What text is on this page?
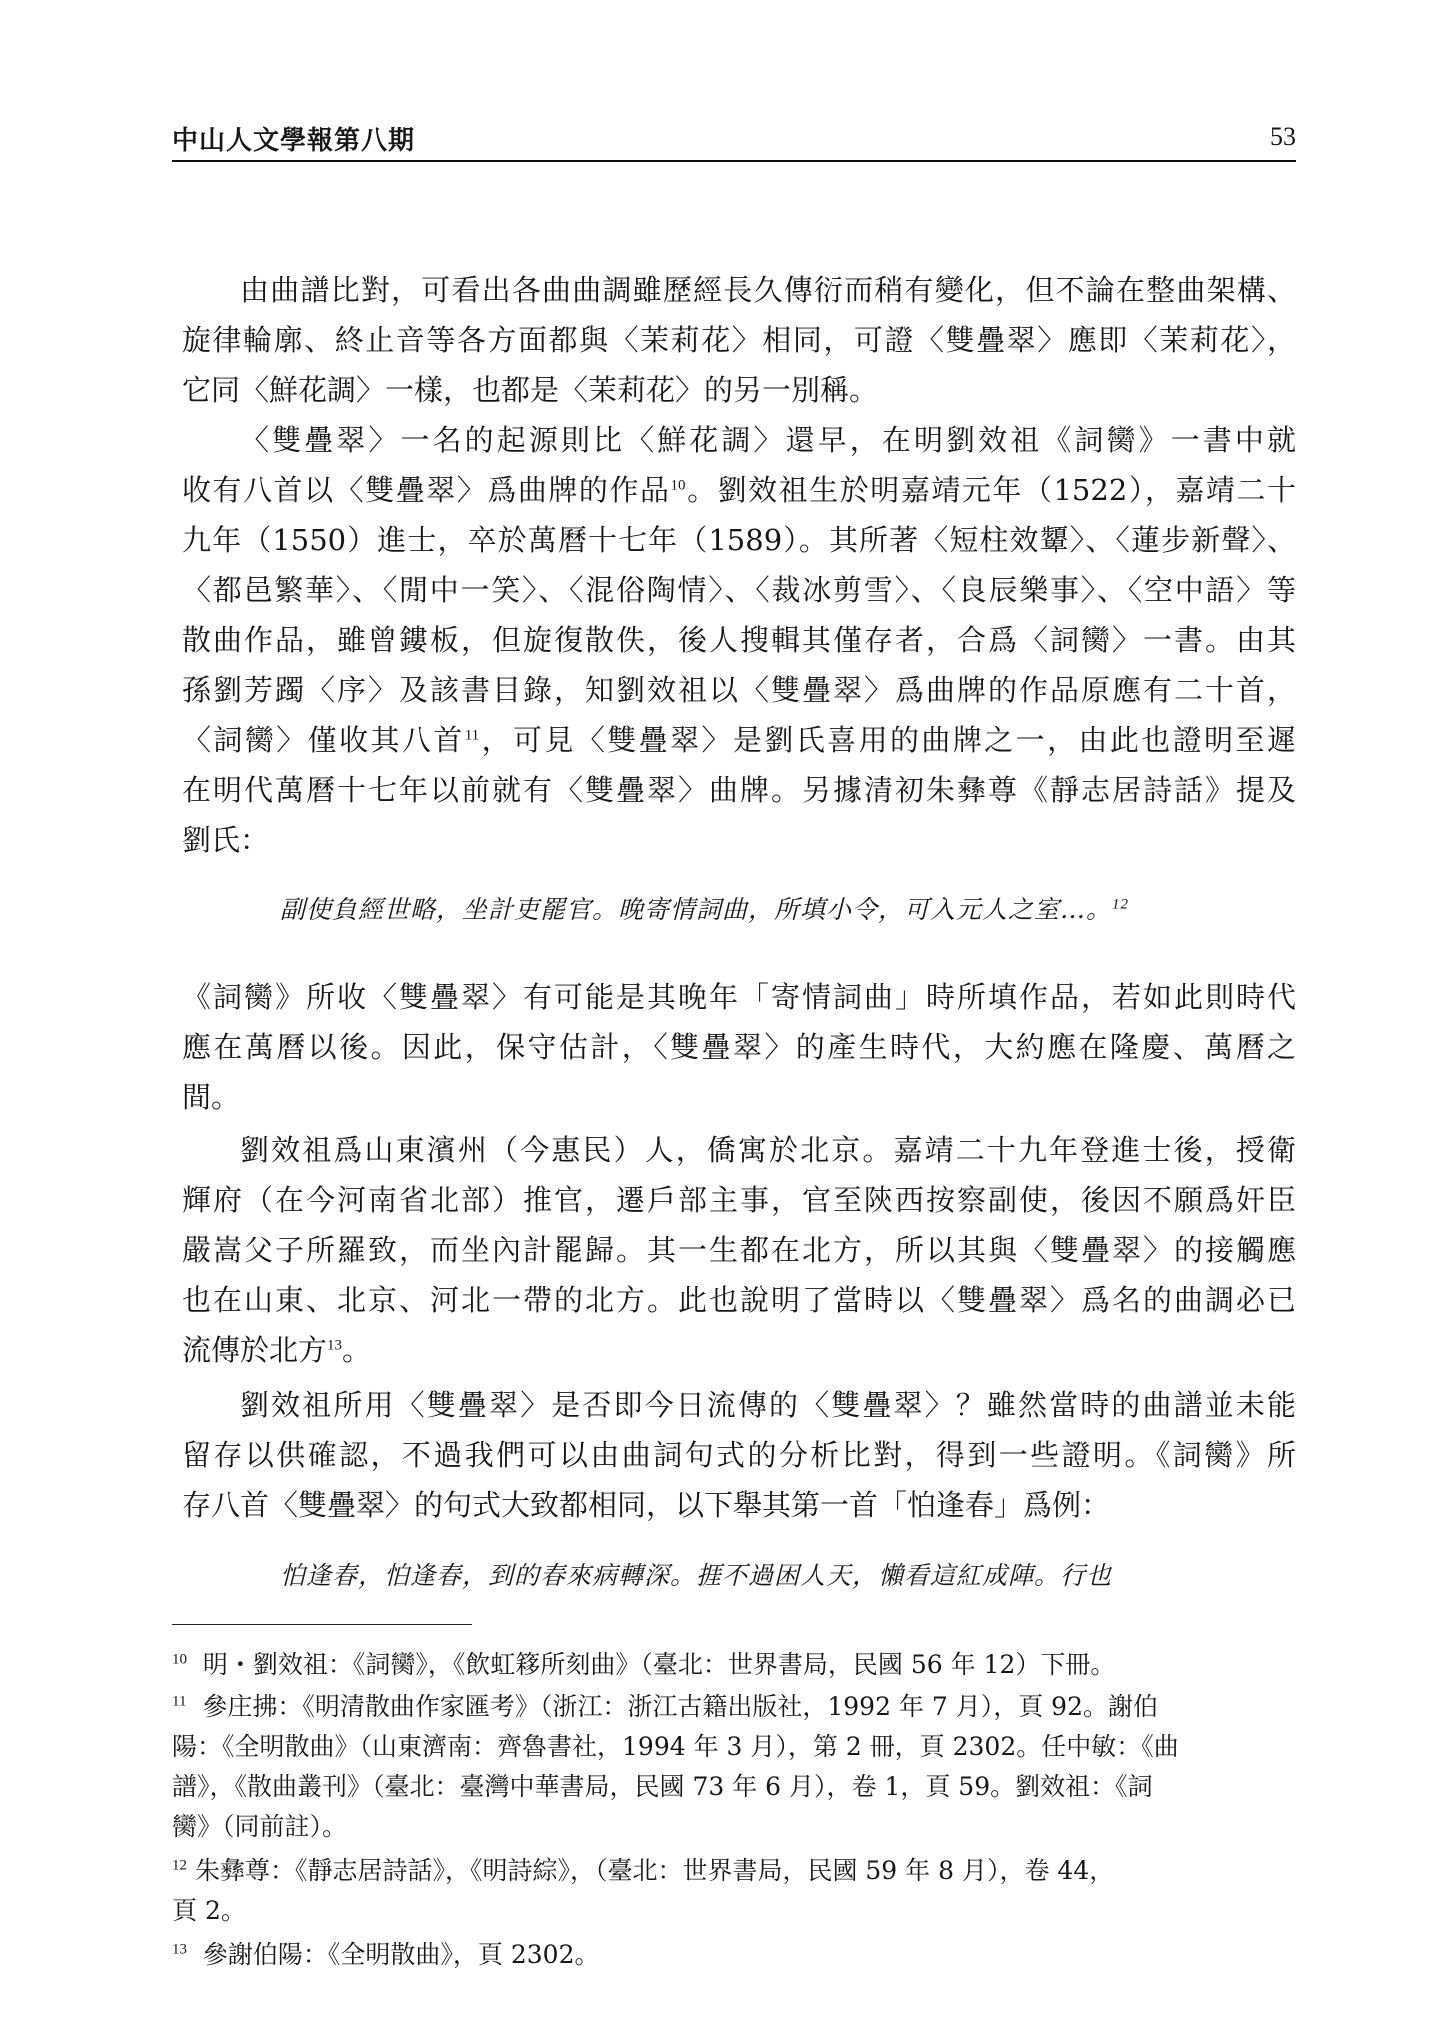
中山人文學報第八期	53
由曲譜比對，可看出各曲曲調雖歷經長久傳衍而稍有變化，但不論在整曲架構、
旋律輪廓、終止音等各方面都與〈茉莉花〉相同，可證〈雙疊翠〉應即〈茉莉花〉，
它同〈鮮花調〉一樣，也都是〈茉莉花〉的另一別稱。
〈雙疊翠〉一名的起源則比〈鮮花調〉還早，在明劉效祖《詞臠》一書中就
收有八首以〈雙疊翠〉爲曲牌的作品$^{10}$。劉效祖生於明嘉靖元年（1522），嘉靖二十
九年（1550）進士，卒於萬曆十七年（1589）。其所著〈短柱效顰〉、〈蓮步新聲〉、
〈都邑繁華〉、〈閒中一笑〉、〈混俗陶情〉、〈裁冰剪雪〉、〈良辰樂事〉、〈空中語〉等
散曲作品，雖曾鏤板，但旋復散佚，後人搜輯其僅存者，合爲〈詞臠〉一書。由其
孫劉芳躅〈序〉及該書目錄，知劉效祖以〈雙疊翠〉爲曲牌的作品原應有二十首，
〈詞臠〉僅收其八首$^{11}$，可見〈雙疊翠〉是劉氏喜用的曲牌之一，由此也證明至遲
在明代萬曆十七年以前就有〈雙疊翠〉曲牌。另據清初朱彝尊《靜志居詩話》提及
劉氏：
副使負經世略，坐計吏罷官。晚寄情詞曲，所填小令，可入元人之室…。$^{12}$
《詞臠》所收〈雙疊翠〉有可能是其晚年「寄情詞曲」時所填作品，若如此則時代
應在萬曆以後。因此，保守估計，〈雙疊翠〉的產生時代，大約應在隆慶、萬曆之
間。
劉效祖爲山東濱州（今惠民）人，僑寓於北京。嘉靖二十九年登進士後，授衛
輝府（在今河南省北部）推官，遷戶部主事，官至陝西按察副使，後因不願爲奸臣
嚴嵩父子所羅致，而坐內計罷歸。其一生都在北方，所以其與〈雙疊翠〉的接觸應
也在山東、北京、河北一帶的北方。此也說明了當時以〈雙疊翠〉爲名的曲調必已
流傳於北方$^{13}$。
劉效祖所用〈雙疊翠〉是否即今日流傳的〈雙疊翠〉？雖然當時的曲譜並未能
留存以供確認，不過我們可以由曲詞句式的分析比對，得到一些證明。《詞臠》所
存八首〈雙疊翠〉的句式大致都相同，以下舉其第一首「怕逢春」爲例：
怕逢春，怕逢春，到的春來病轉深。捱不過困人天，懶看這紅成陣。行也
$^{10}$ 明・劉效祖：《詞臠》，《飲虹簃所刻曲》（臺北：世界書局，民國 56 年 12）下冊。
$^{11}$ 參庄拂：《明清散曲作家匯考》（浙江：浙江古籍出版社，1992 年 7 月），頁 92。謝伯
陽：《全明散曲》（山東濟南：齊魯書社，1994 年 3 月），第 2 冊，頁 2302。任中敏：《曲
譜》，《散曲叢刊》（臺北：臺灣中華書局，民國 73 年 6 月），卷 1，頁 59。劉效祖：《詞
臠》（同前註）。
$^{12}$ 朱彝尊：《靜志居詩話》，《明詩綜》，（臺北：世界書局，民國 59 年 8 月），卷 44，
頁 2。
$^{13}$ 參謝伯陽：《全明散曲》，頁 2302。
